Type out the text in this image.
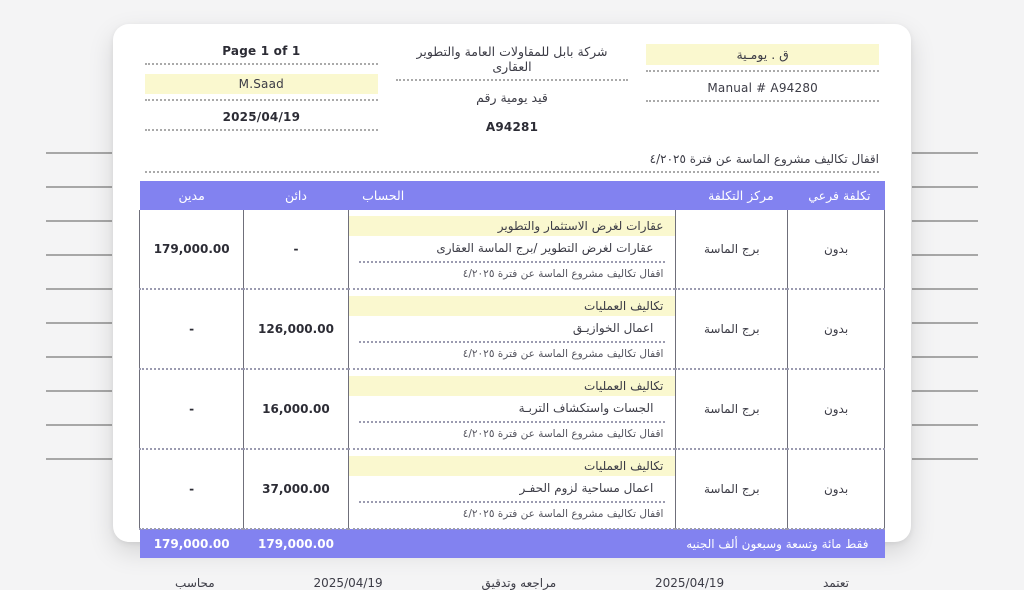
ق . يومـية
Manual # A94280
شركة بابل للمقاولات العامة والتطوير العقارى
قيد يومية رقم
A94281
Page 1 of 1
M.Saad
2025/04/19
اقفال تكاليف مشروع الماسة عن فترة ٤/٢٠٢٥
تكلفة فرعي	مركز التكلفة	الحساب	دائن	مدين
بدون	برج الماسة	عقارات لغرض الاستثمار والتطوير
عقارات لغرض التطوير /برج الماسة العقارى
اقفال تكاليف مشروع الماسة عن فترة ٤/٢٠٢٥	-	179,000.00
بدون	برج الماسة	تكاليف العمليات
اعمال الخوازيـق
اقفال تكاليف مشروع الماسة عن فترة ٤/٢٠٢٥	126,000.00	-
بدون	برج الماسة	تكاليف العمليات
الجسات واستكشاف التربـة
اقفال تكاليف مشروع الماسة عن فترة ٤/٢٠٢٥	16,000.00	-
بدون	برج الماسة	تكاليف العمليات
اعمال مساحية لزوم الحفـر
اقفال تكاليف مشروع الماسة عن فترة ٤/٢٠٢٥	37,000.00	-
فقط مائة وتسعة وسبعون ألف الجنيه			179,000.00	179,000.00
تعتمد
2025/04/19
مراجعه وتدقيق
2025/04/19
محاسب
